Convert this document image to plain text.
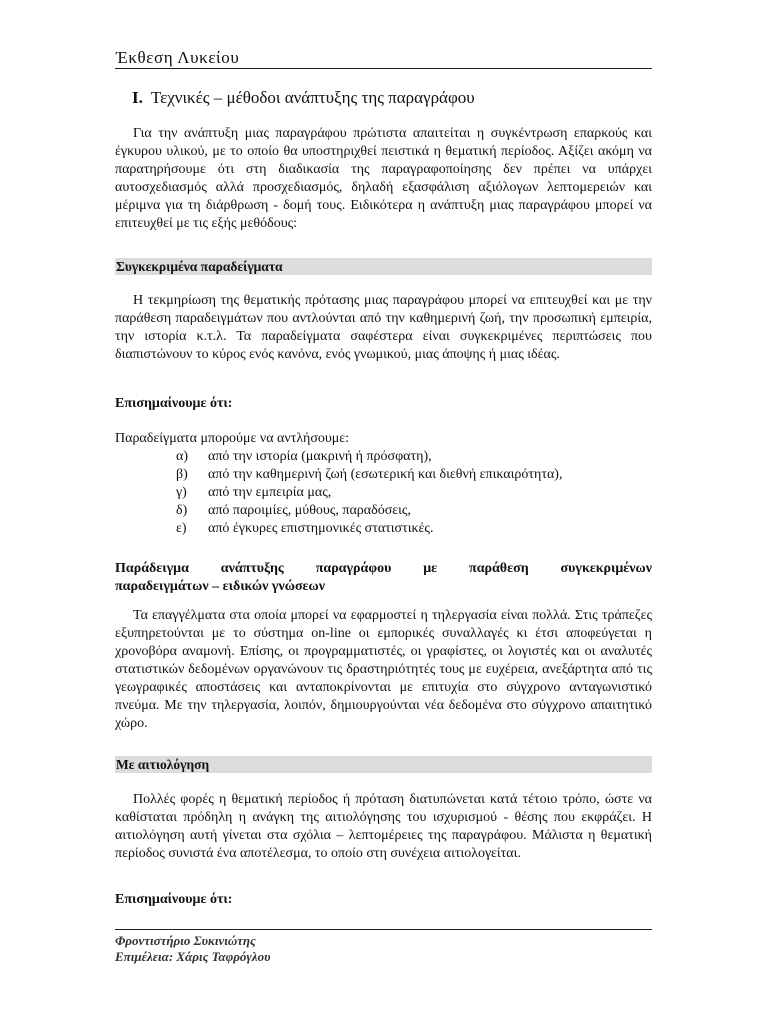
Έκθεση Λυκείου
Ι. Τεχνικές – μέθοδοι ανάπτυξης της παραγράφου

Για την ανάπτυξη μιας παραγράφου πρώτιστα απαιτείται η συγκέντρωση επαρκούς και έγκυρου υλικού, με το οποίο θα υποστηριχθεί πειστικά η θεματική περίοδος. Αξίζει ακόμη να παρατηρήσουμε ότι στη διαδικασία της παραγραφοποίησης δεν πρέπει να υπάρχει αυτοσχεδιασμός αλλά προσχεδιασμός, δηλαδή εξασφάλιση αξιόλογων λεπτομερειών και μέριμνα για τη διάρθρωση - δομή τους. Ειδικότερα η ανάπτυξη μιας παραγράφου μπορεί να επιτευχθεί με τις εξής μεθόδους:

Συγκεκριμένα παραδείγματα

Η τεκμηρίωση της θεματικής πρότασης μιας παραγράφου μπορεί να επιτευχθεί και με την παράθεση παραδειγμάτων που αντλούνται από την καθημερινή ζωή, την προσωπική εμπειρία, την ιστορία κ.τ.λ. Τα παραδείγματα σαφέστερα είναι συγκεκριμένες περιπτώσεις που διαπιστώνουν το κύρος ενός κανόνα, ενός γνωμικού, μιας άποψης ή μιας ιδέας.

Επισημαίνουμε ότι:
Παραδείγματα μπορούμε να αντλήσουμε:
α) από την ιστορία (μακρινή ή πρόσφατη),
β) από την καθημερινή ζωή (εσωτερική και διεθνή επικαιρότητα),
γ) από την εμπειρία μας,
δ) από παροιμίες, μύθους, παραδόσεις,
ε) από έγκυρες επιστημονικές στατιστικές.
Παράδειγμα ανάπτυξης παραγράφου με παράθεση συγκεκριμένων
παραδειγμάτων – ειδικών γνώσεων

Τα επαγγέλματα στα οποία μπορεί να εφαρμοστεί η τηλεργασία είναι πολλά. Στις τράπεζες εξυπηρετούνται με το σύστημα on-line οι εμπορικές συναλλαγές κι έτσι αποφεύγεται η χρονοβόρα αναμονή. Επίσης, οι προγραμματιστές, οι γραφίστες, οι λογιστές και οι αναλυτές στατιστικών δεδομένων οργανώνουν τις δραστηριότητές τους με ευχέρεια, ανεξάρτητα από τις γεωγραφικές αποστάσεις και ανταποκρίνονται με επιτυχία στο σύγχρονο ανταγωνιστικό πνεύμα. Με την τηλεργασία, λοιπόν, δημιουργούνται νέα δεδομένα στο σύγχρονο απαιτητικό χώρο.

Με αιτιολόγηση

Πολλές φορές η θεματική περίοδος ή πρόταση διατυπώνεται κατά τέτοιο τρόπο, ώστε να καθίσταται πρόδηλη η ανάγκη της αιτιολόγησης του ισχυρισμού - θέσης που εκφράζει. Η αιτιολόγηση αυτή γίνεται στα σχόλια – λεπτομέρειες της παραγράφου. Μάλιστα η θεματική περίοδος συνιστά ένα αποτέλεσμα, το οποίο στη συνέχεια αιτιολογείται.

Επισημαίνουμε ότι:
Φροντιστήριο Συκινιώτης
Επιμέλεια: Χάρις Ταφρόγλου
